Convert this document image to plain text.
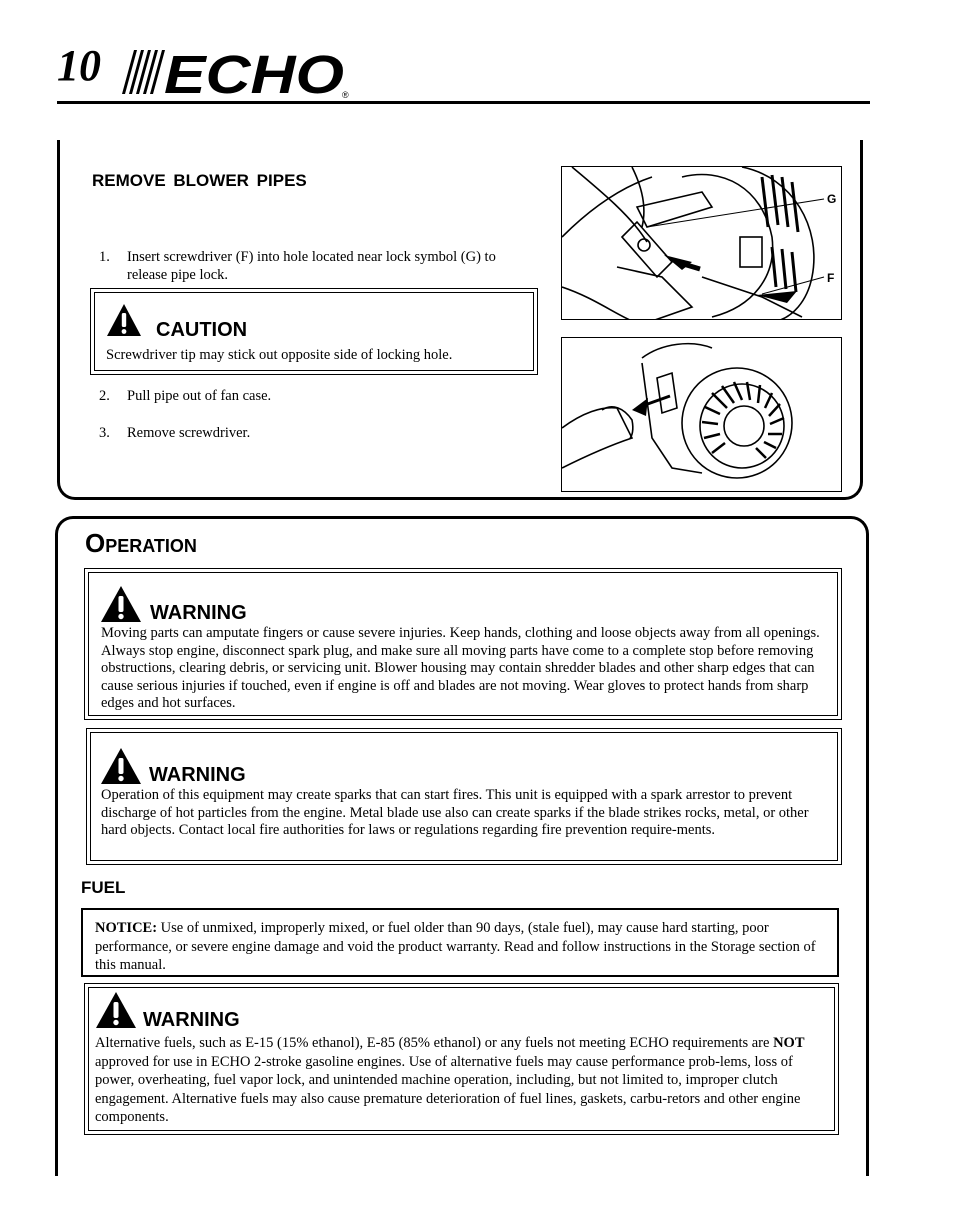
10 ECHO
®
REMOVE BLOWER PIPES
1. Insert screwdriver (F) into hole located near lock symbol (G) to release pipe lock.
CAUTION
Screwdriver tip may stick out opposite side of locking hole.
2. Pull pipe out of fan case.
3. Remove screwdriver.
G
F
OPERATION
WARNING
Moving parts can amputate fingers or cause severe injuries. Keep hands, clothing and loose objects away from all openings. Always stop engine, disconnect spark plug, and make sure all moving parts have come to a complete stop before removing obstructions, clearing debris, or servicing unit. Blower housing may contain shredder blades and other sharp edges that can cause serious injuries if touched, even if engine is off and blades are not moving. Wear gloves to protect hands from sharp edges and hot surfaces.
WARNING
Operation of this equipment may create sparks that can start fires. This unit is equipped with a spark arrestor to prevent discharge of hot particles from the engine. Metal blade use also can create sparks if the blade strikes rocks, metal, or other hard objects. Contact local fire authorities for laws or regulations regarding fire prevention require-ments.
FUEL
NOTICE: Use of unmixed, improperly mixed, or fuel older than 90 days, (stale fuel), may cause hard starting, poor performance, or severe engine damage and void the product warranty. Read and follow instructions in the Storage section of this manual.
WARNING
Alternative fuels, such as E-15 (15% ethanol), E-85 (85% ethanol) or any fuels not meeting ECHO requirements are NOT approved for use in ECHO 2-stroke gasoline engines. Use of alternative fuels may cause performance prob-lems, loss of power, overheating, fuel vapor lock, and unintended machine operation, including, but not limited to, improper clutch engagement. Alternative fuels may also cause premature deterioration of fuel lines, gaskets, carbu-retors and other engine components.
